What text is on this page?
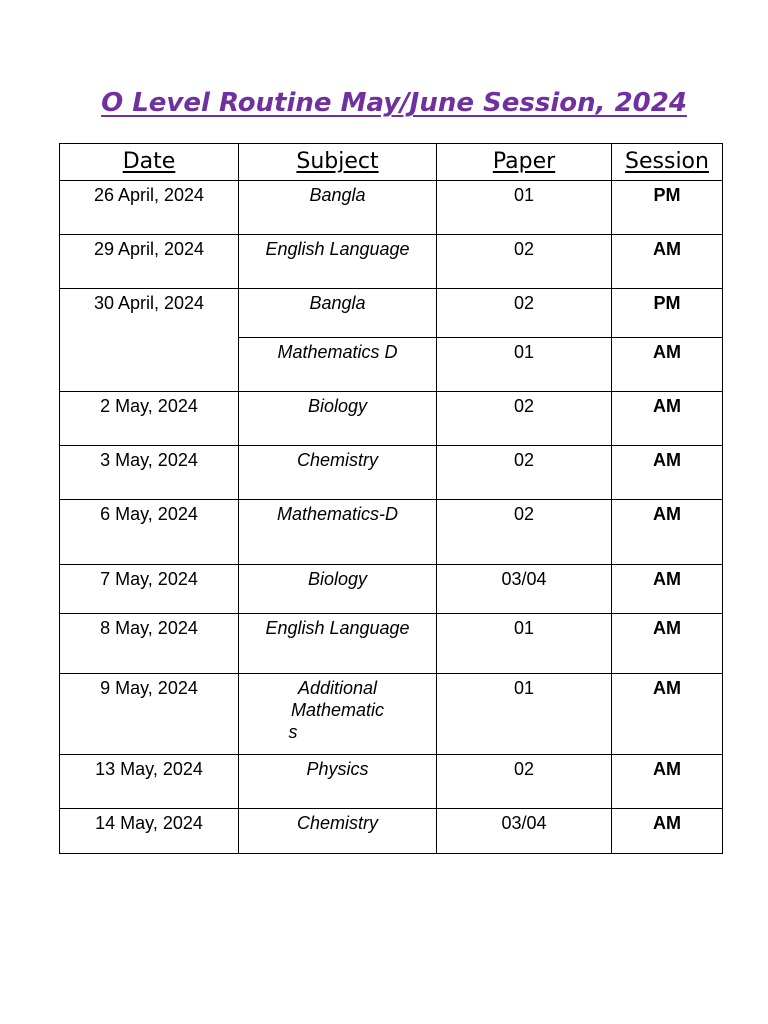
O Level Routine May/June Session, 2024
Date	Subject	Paper	Session

26 April, 2024	Bangla	01	PM

29 April, 2024	English Language	02	AM

30 April, 2024	Bangla	02	PM

	Mathematics D	01	AM

2 May, 2024	Biology	02	AM

3 May, 2024	Chemistry	02	AM

6 May, 2024	Mathematics-D	02	AM

7 May, 2024	Biology	03/04	AM

8 May, 2024	English Language	01	AM

9 May, 2024	Additional Mathematic
s	01	AM

13 May, 2024	Physics	02	AM

14 May, 2024	Chemistry	03/04	AM
